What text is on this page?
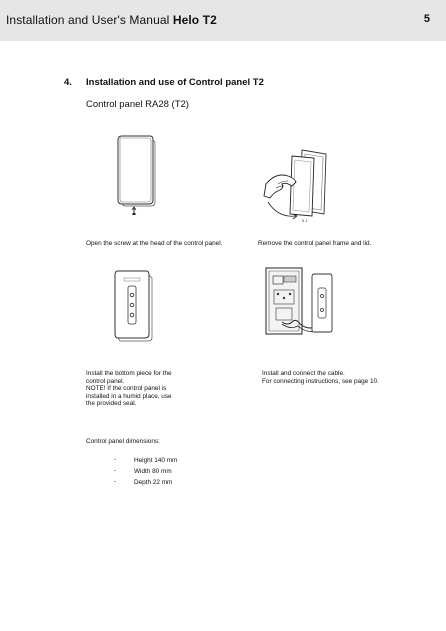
Installation and User's Manual Helo T2	5
4. Installation and use of Control panel T2
Control panel RA28 (T2)
5 1
Open the screw at the head of the control panel.	Remove the control panel frame and lid.
Install the bottom piece for the
control panel.
NOTE! If the control panel is
installed in a humid place, use
the provided seal.
Install and connect the cable.
For connecting instructions, see page 10.
Control panel dimensions:
-	Height 140 mm
-	Width 80 mm
-	Depth 22 mm
